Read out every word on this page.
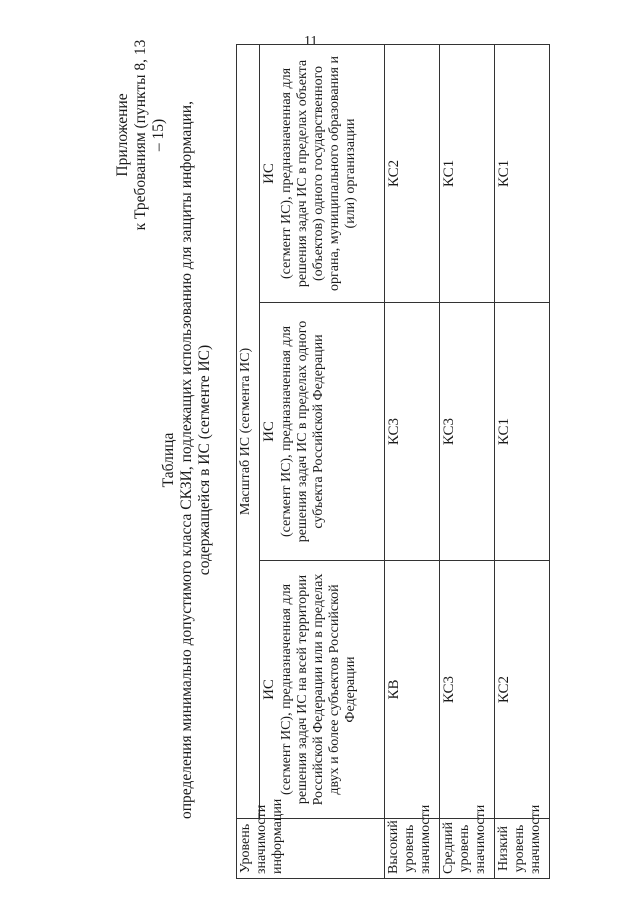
11
Приложение к Требованиям (пункты 8, 13 – 15)
Таблица определения минимально допустимого класса СКЗИ, подлежащих использованию для защиты информации, содержащейся в ИС (сегменте ИС)
Уровень значимости информации	Масштаб ИС (сегмента ИС)		

	ИС (сегмент ИС), предназначенная для решения задач ИС на всей территории Российской Федерации или в пределах двух и более субъектов Российской Федерации	ИС (сегмент ИС), предназначенная для решения задач ИС в пределах одного субъекта Российской Федерации	ИС (сегмент ИС), предназначенная для решения задач ИС в пределах объекта (объектов) одного государственного органа, муниципального образования и (или) организации
Высокий уровень значимости	КВ	КС3	КС2
Средний уровень значимости	КС3	КС3	КС1
Низкий уровень значимости	КС2	КС1	КС1
